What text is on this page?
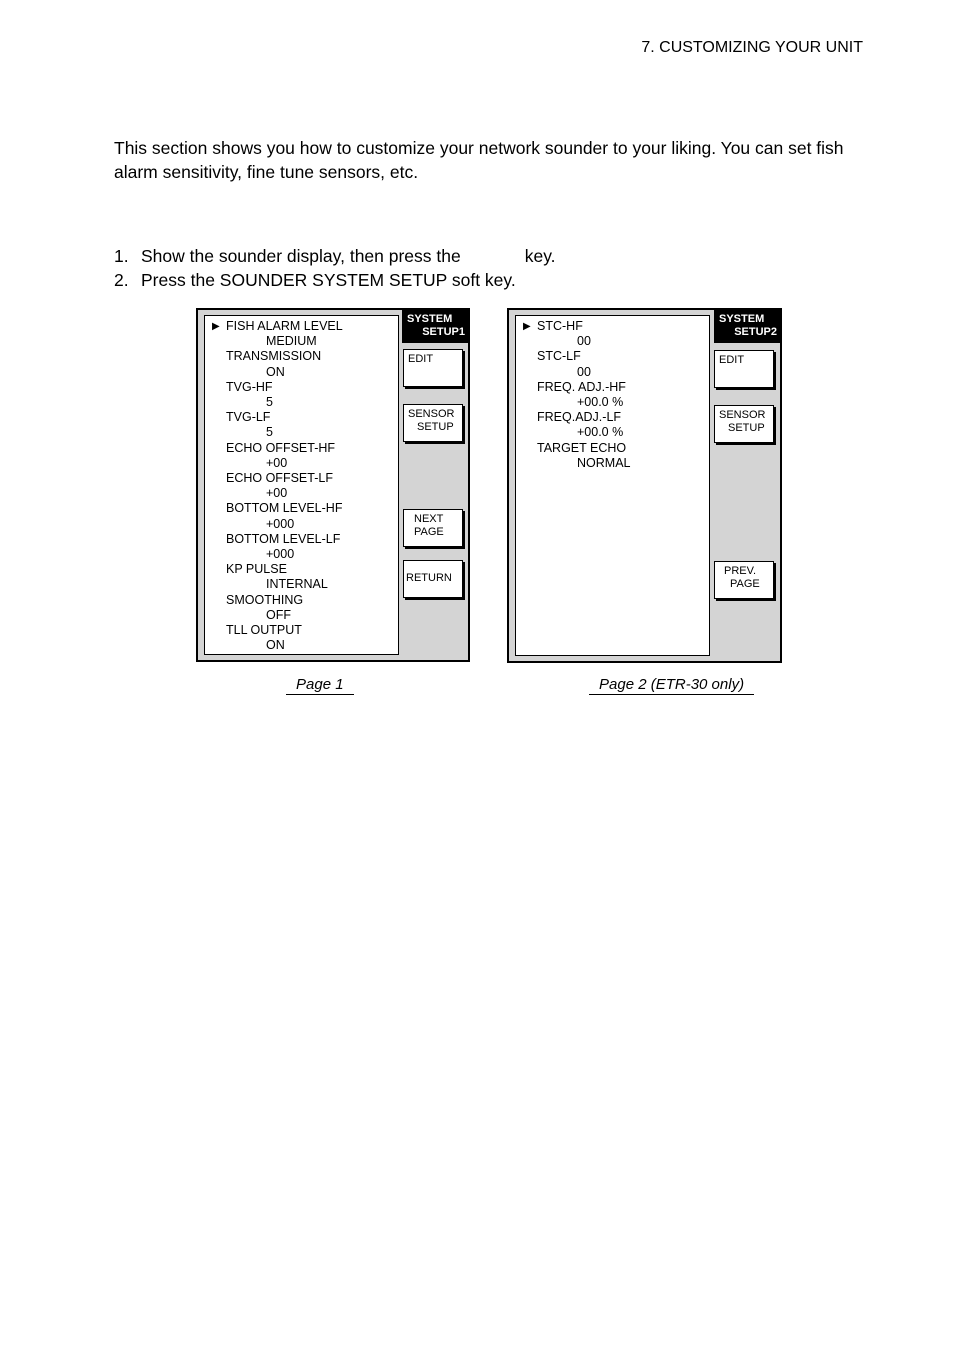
7. CUSTOMIZING YOUR UNIT
This section shows you how to customize your network sounder to your liking. You can set fish alarm sensitivity, fine tune sensors, etc.
1. Show the sounder display, then press the	key.
2. Press the SOUNDER SYSTEM SETUP soft key.
▶ FISH ALARM LEVEL
MEDIUM
TRANSMISSION
ON
TVG-HF
5
TVG-LF
5
ECHO OFFSET-HF
+00
ECHO OFFSET-LF
+00
BOTTOM LEVEL-HF
+000
BOTTOM LEVEL-LF
+000
KP PULSE
INTERNAL
SMOOTHING
OFF
TLL OUTPUT
ON
SYSTEM
SETUP1
EDIT
SENSOR
SETUP
NEXT
PAGE
RETURN
Page 1
▶ STC-HF
00
STC-LF
00
FREQ. ADJ.-HF
+00.0 %
FREQ.ADJ.-LF
+00.0 %
TARGET ECHO
NORMAL
SYSTEM
SETUP2
EDIT
SENSOR
SETUP
PREV.
PAGE
Page 2 (ETR-30 only)
